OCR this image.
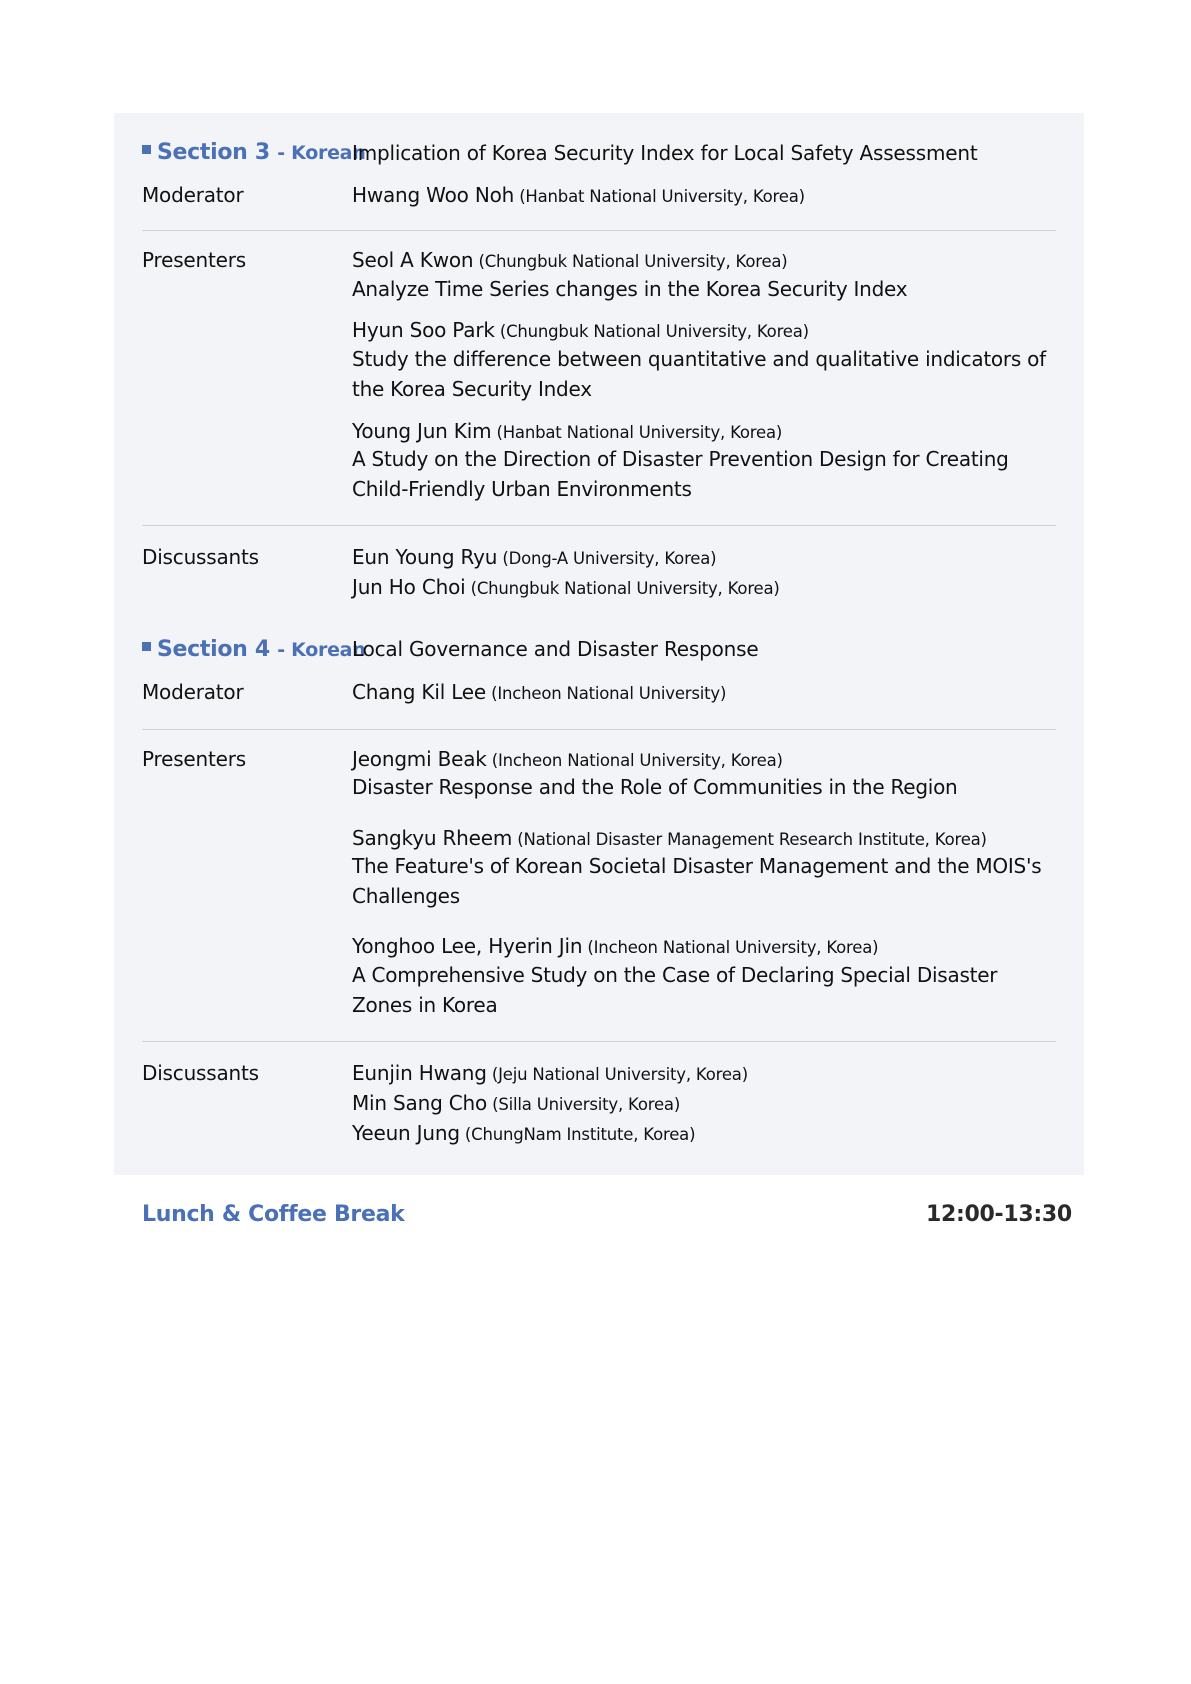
Section 3 - Korean
Implication of Korea Security Index for Local Safety Assessment
Moderator	Hwang Woo Noh (Hanbat National University, Korea)
Presenters	Seol A Kwon (Chungbuk National University, Korea)
Analyze Time Series changes in the Korea Security Index
Hyun Soo Park (Chungbuk National University, Korea)
Study the difference between quantitative and qualitative indicators of the Korea Security Index
Young Jun Kim (Hanbat National University, Korea)
A Study on the Direction of Disaster Prevention Design for Creating Child-Friendly Urban Environments
Discussants	Eun Young Ryu (Dong-A University, Korea)
Jun Ho Choi (Chungbuk National University, Korea)
Section 4 - Korean
Local Governance and Disaster Response
Moderator	Chang Kil Lee (Incheon National University)
Presenters	Jeongmi Beak (Incheon National University, Korea)
Disaster Response and the Role of Communities in the Region
Sangkyu Rheem (National Disaster Management Research Institute, Korea)
The Feature's of Korean Societal Disaster Management and the MOIS's Challenges
Yonghoo Lee, Hyerin Jin (Incheon National University, Korea)
A Comprehensive Study on the Case of Declaring Special Disaster Zones in Korea
Discussants	Eunjin Hwang (Jeju National University, Korea)
Min Sang Cho (Silla University, Korea)
Yeeun Jung (ChungNam Institute, Korea)
Lunch & Coffee Break	12:00-13:30
